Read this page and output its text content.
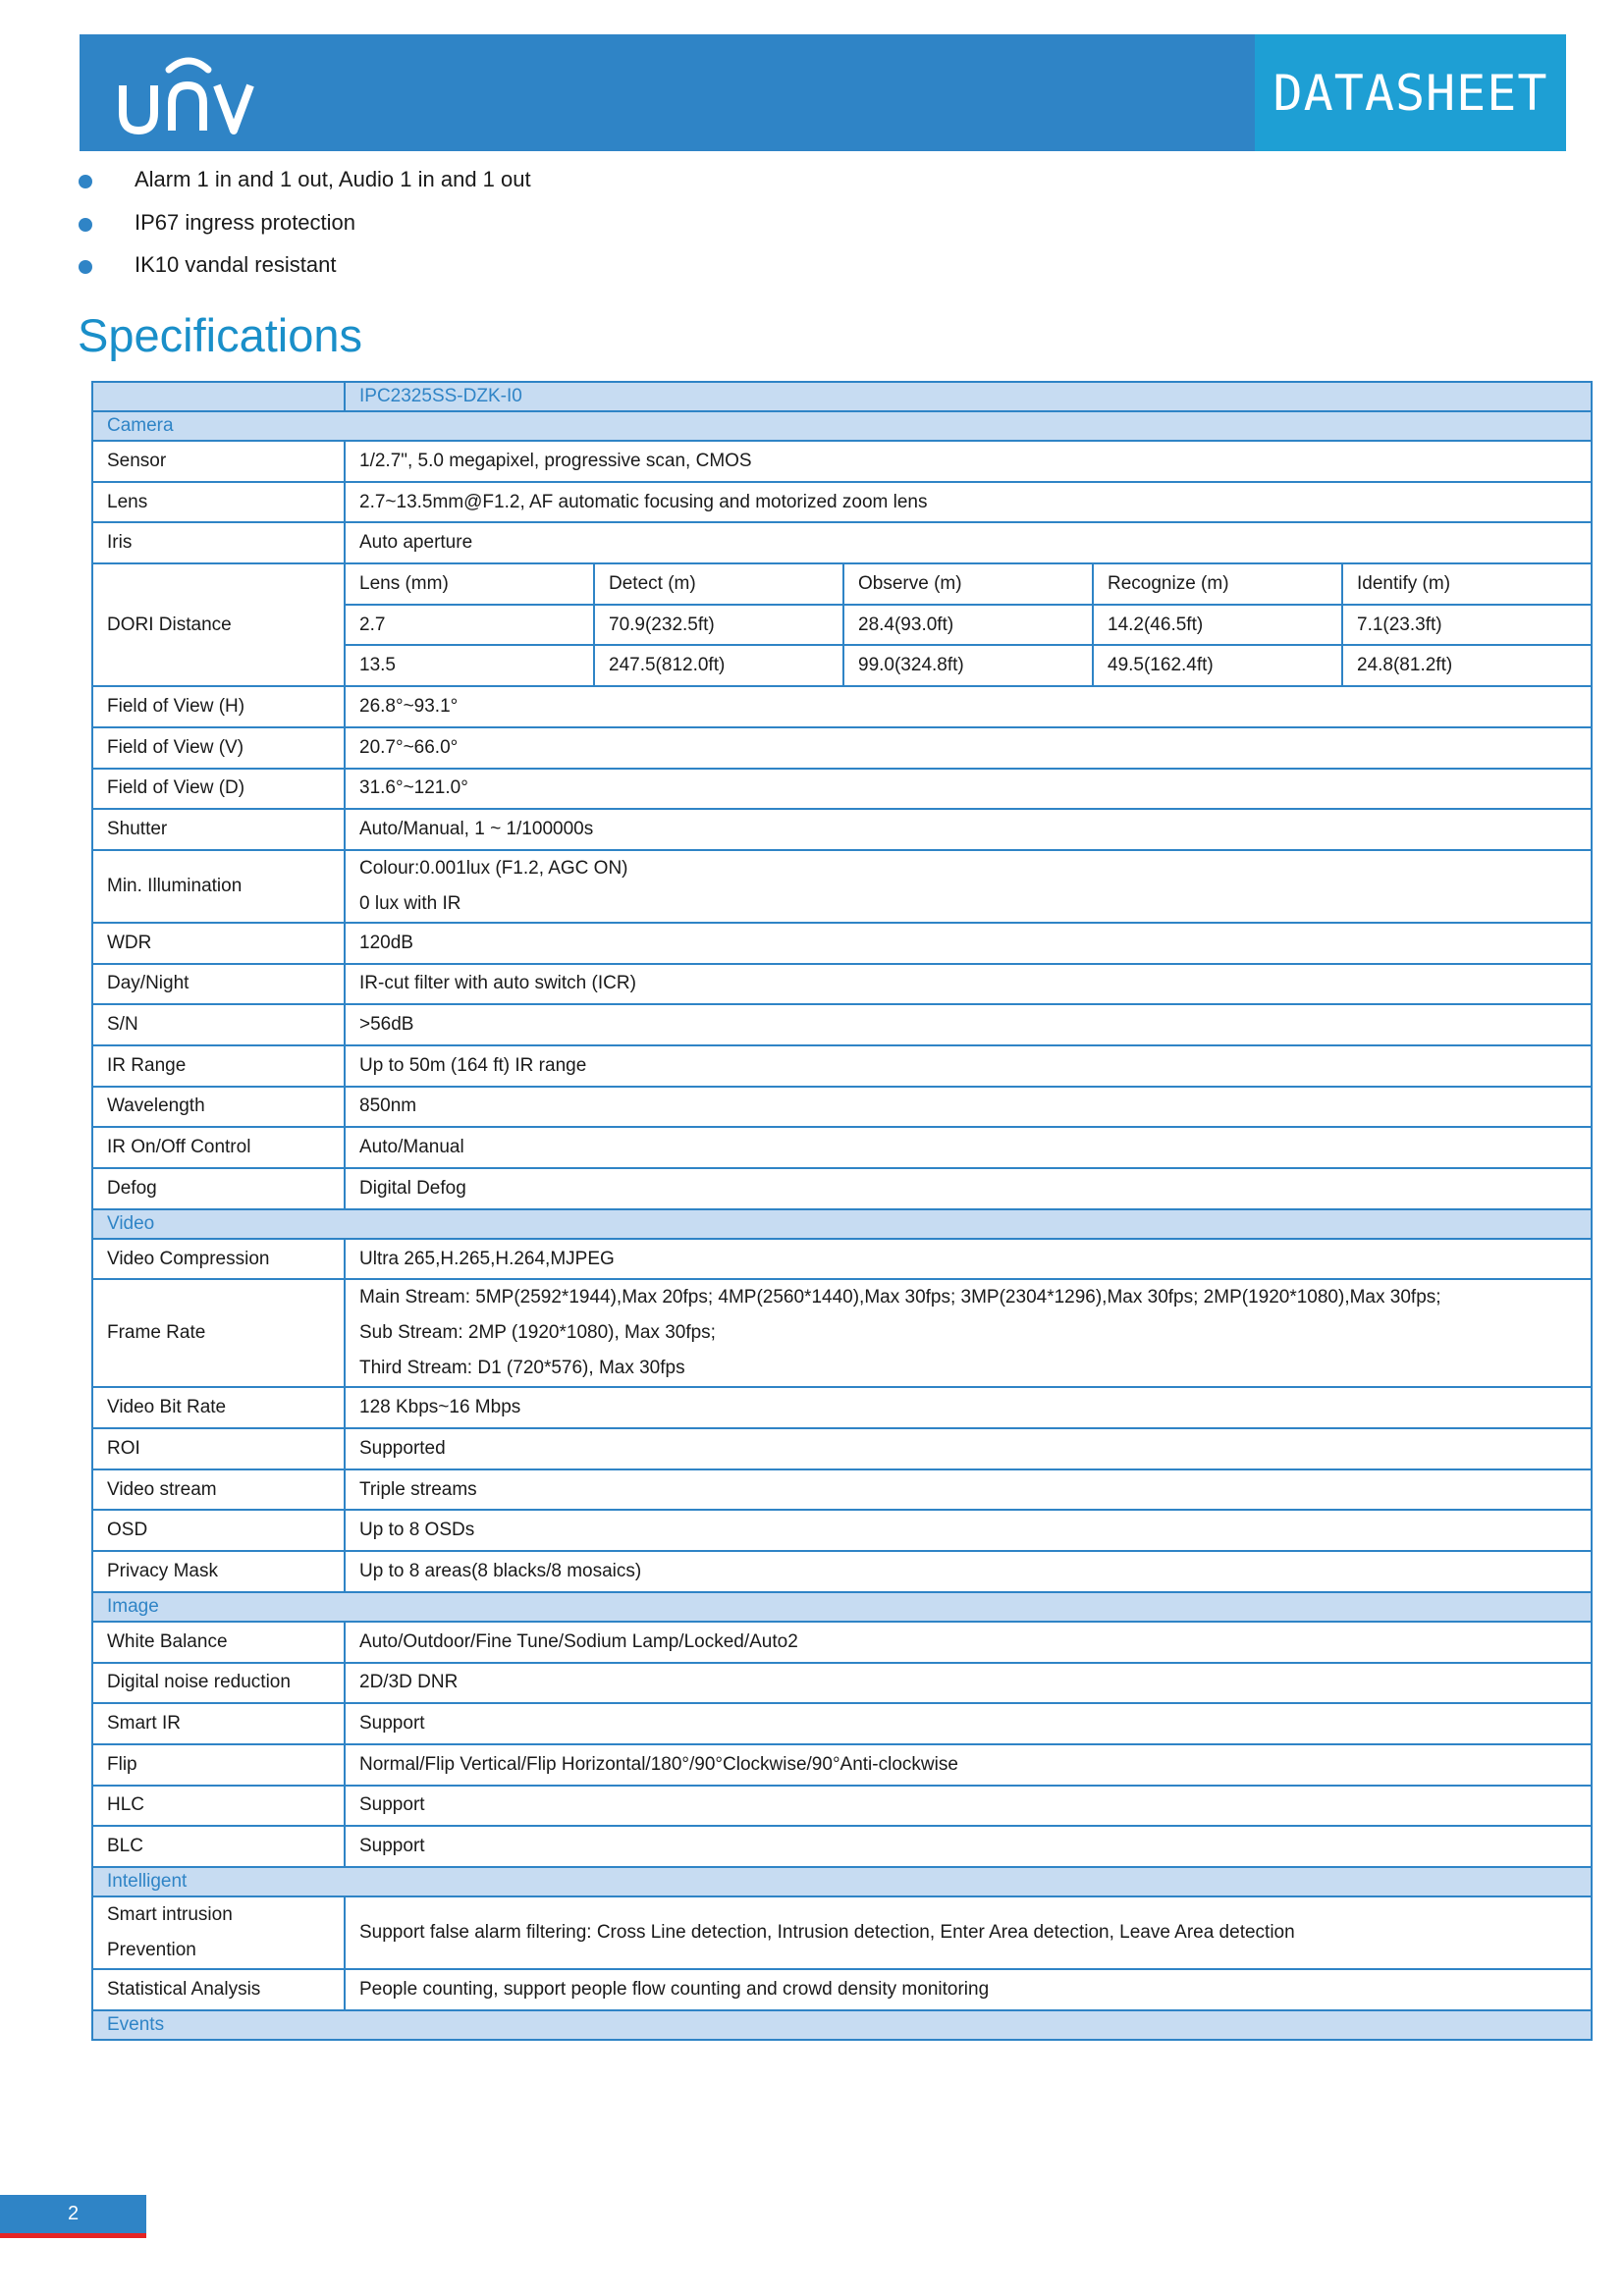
DATASHEET
Alarm 1 in and 1 out, Audio 1 in and 1 out
IP67 ingress protection
IK10 vandal resistant
Specifications
	IPC2325SS-DZK-I0				
Camera					
Sensor	1/2.7", 5.0 megapixel, progressive scan, CMOS				
Lens	2.7~13.5mm@F1.2, AF automatic focusing and motorized zoom lens				
Iris	Auto aperture				
DORI Distance	Lens (mm)	Detect (m)	Observe (m)	Recognize (m)	Identify (m)
	2.7	70.9(232.5ft)	28.4(93.0ft)	14.2(46.5ft)	7.1(23.3ft)
	13.5	247.5(812.0ft)	99.0(324.8ft)	49.5(162.4ft)	24.8(81.2ft)
Field of View (H)	26.8°~93.1°				
Field of View (V)	20.7°~66.0°				
Field of View (D)	31.6°~121.0°				
Shutter	Auto/Manual, 1 ~ 1/100000s				
Min. Illumination	Colour:0.001lux (F1.2, AGC ON)
0 lux with IR				

WDR	120dB				
Day/Night	IR-cut filter with auto switch (ICR)				
S/N	>56dB				
IR Range	Up to 50m (164 ft) IR range				
Wavelength	850nm				
IR On/Off Control	Auto/Manual				
Defog	Digital Defog				
Video					
Video Compression	Ultra 265,H.265,H.264,MJPEG				
Frame Rate	Main Stream: 5MP(2592*1944),Max 20fps; 4MP(2560*1440),Max 30fps; 3MP(2304*1296),Max 30fps; 2MP(1920*1080),Max 30fps;
Sub Stream: 2MP (1920*1080), Max 30fps;
Third Stream: D1 (720*576), Max 30fps				

Video Bit Rate	128 Kbps~16 Mbps				
ROI	Supported				
Video stream	Triple streams				
OSD	Up to 8 OSDs				
Privacy Mask	Up to 8 areas(8 blacks/8 mosaics)				
Image					
White Balance	Auto/Outdoor/Fine Tune/Sodium Lamp/Locked/Auto2				
Digital noise reduction	2D/3D DNR				
Smart IR	Support				
Flip	Normal/Flip Vertical/Flip Horizontal/180°/90°Clockwise/90°Anti-clockwise				
HLC	Support				
BLC	Support				
Intelligent					

Smart intrusion
Prevention	Support false alarm filtering: Cross Line detection, Intrusion detection, Enter Area detection, Leave Area detection				
Statistical Analysis	People counting, support people flow counting and crowd density monitoring				
Events					
2
